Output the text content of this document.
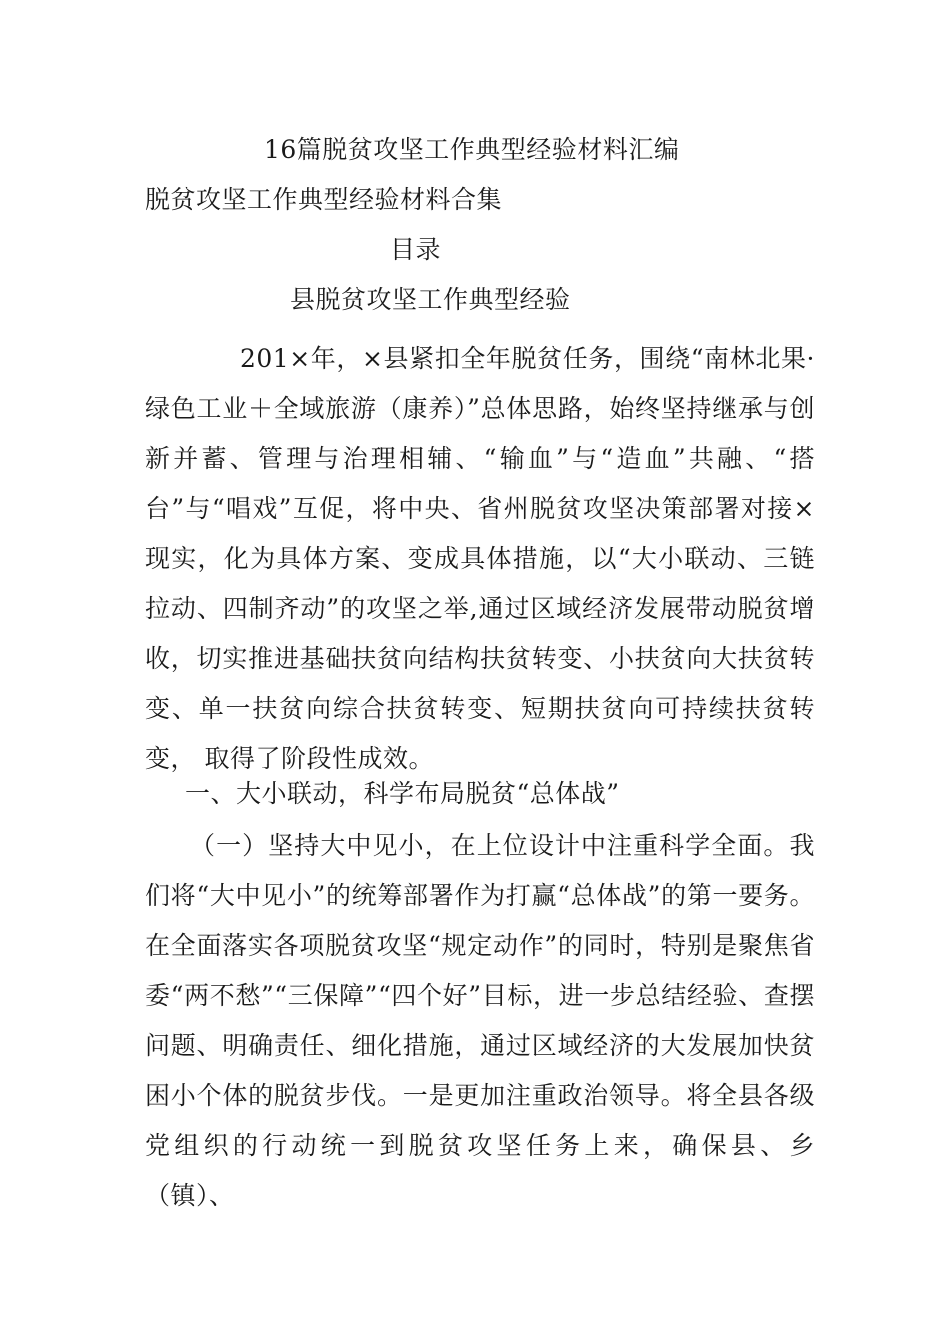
16篇脱贫攻坚工作典型经验材料汇编
脱贫攻坚工作典型经验材料合集
目录
县脱贫攻坚工作典型经验
201×年，×县紧扣全年脱贫任务，围绕“南林北果·绿色工业＋全域旅游（康养）”总体思路，始终坚持继承与创新并蓄、管理与治理相辅、“输血”与“造血”共融、“搭台”与“唱戏”互促，将中央、省州脱贫攻坚决策部署对接×现实，化为具体方案、变成具体措施，以“大小联动、三链拉动、四制齐动”的攻坚之举,通过区域经济发展带动脱贫增收，切实推进基础扶贫向结构扶贫转变、小扶贫向大扶贫转变、单一扶贫向综合扶贫转变、短期扶贫向可持续扶贫转变， 取得了阶段性成效。
一、大小联动，科学布局脱贫“总体战”
（一）坚持大中见小，在上位设计中注重科学全面。我们将“大中见小”的统筹部署作为打赢“总体战”的第一要务。在全面落实各项脱贫攻坚“规定动作”的同时，特别是聚焦省委“两不愁”“三保障”“四个好”目标，进一步总结经验、查摆问题、明确责任、细化措施，通过区域经济的大发展加快贫困小个体的脱贫步伐。一是更加注重政治领导。将全县各级党组织的行动统一到脱贫攻坚任务上来，确保县、乡（镇）、
